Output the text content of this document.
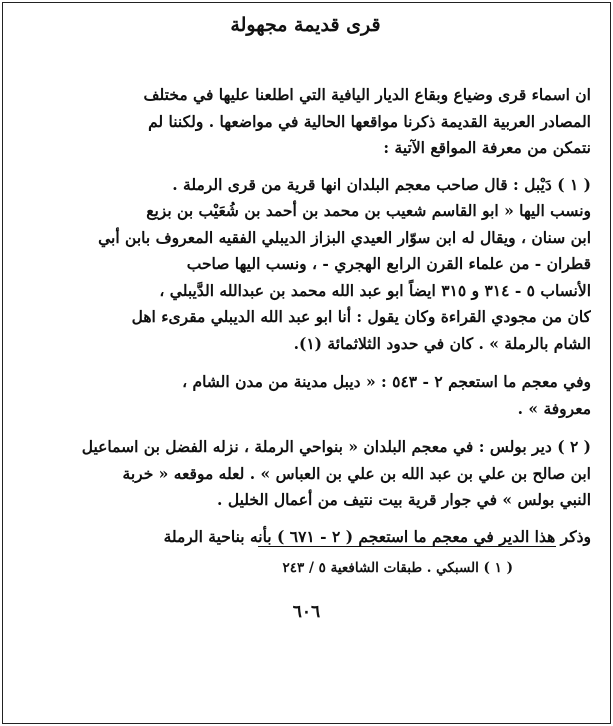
قرى قديمة مجهولة
ان اسماء قرى وضياع وبقاع الديار اليافية التي اطلعنا عليها في مختلف
المصادر العربية القديمة ذكرنا مواقعها الحالية في مواضعها . ولكننا لم
نتمكن من معرفة المواقع الآتية :
( ١ ) دَيْبل : قال صاحب معجم البلدان انها قرية من قرى الرملة .
ونسب اليها « ابو القاسم شعيب بن محمد بن أحمد بن شُعَيْب بن بزيع
ابن سنان ، ويقال له ابن سوّار العيدي البزاز الديبلي الفقيه المعروف بابن أبي
قطران - من علماء القرن الرابع الهجري - ، ونسب اليها صاحب
الأنساب ٥ - ٣١٤ و ٣١٥ ايضاً ابو عبد الله محمد بن عبدالله الدَّيبلي ،
كان من مجودي القراءة وكان يقول : أنا ابو عبد الله الديبلي مقرىء اهل
الشام بالرملة » . كان في حدود الثلاثمائة (١).
وفي معجم ما استعجم ٢ - ٥٤٣ : « ديبل مدينة من مدن الشام ،
معروفة » .
( ٢ ) دير بولس : في معجم البلدان « بنواحي الرملة ، نزله الفضل بن اسماعيل
ابن صالح بن علي بن عبد الله بن علي بن العباس » . لعله موقعه « خربة
النبي بولس » في جوار قرية بيت نتيف من أعمال الخليل .
وذكر هذا الدير في معجم ما استعجم ( ٢ - ٦٧١ ) بأنه بناحية الرملة
( ١ ) السبكي . طبقات الشافعية ٥ / ٢٤٣
٦٠٦
